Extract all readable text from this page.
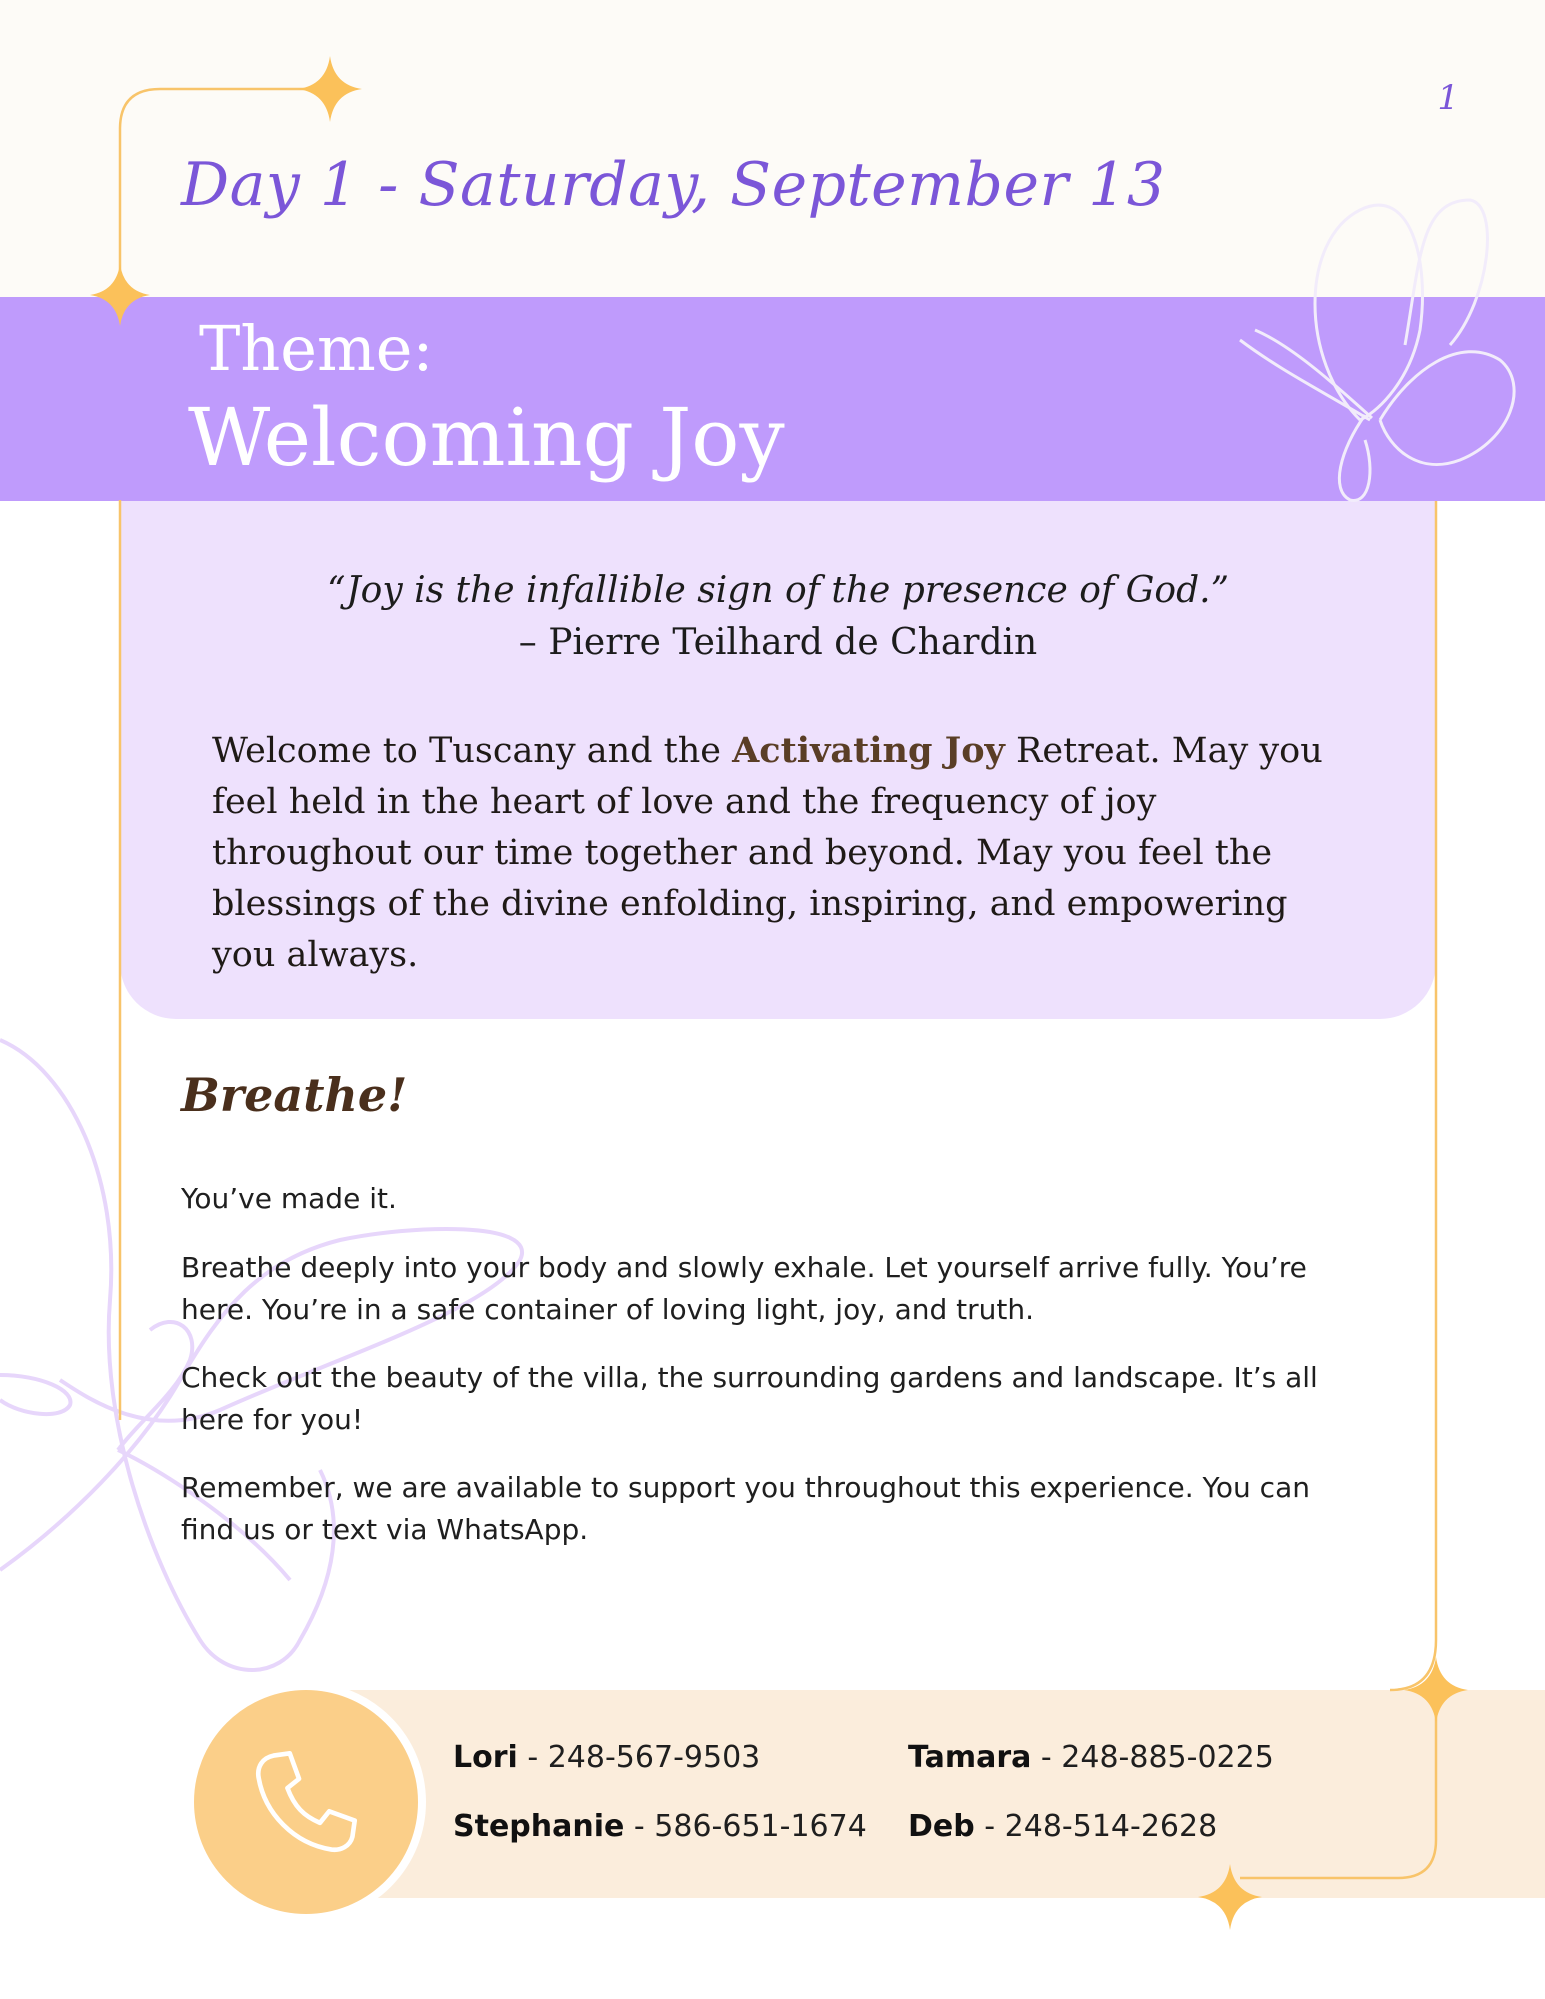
1
Day 1 - Saturday, September 13
Theme:
Welcoming Joy
“Joy is the infallible sign of the presence of God.”
– Pierre Teilhard de Chardin
Welcome to Tuscany and the Activating Joy Retreat. May you feel held in the heart of love and the frequency of joy throughout our time together and beyond. May you feel the blessings of the divine enfolding, inspiring, and empowering you always.
Breathe!

You’ve made it.

Breathe deeply into your body and slowly exhale. Let yourself arrive fully. You’re here. You’re in a safe container of loving light, joy, and truth.

Check out the beauty of the villa, the surrounding gardens and landscape. It’s all here for you!

Remember, we are available to support you throughout this experience. You can find us or text via WhatsApp.

Lori - 248-567-9503	Tamara - 248-885-0225
Stephanie - 586-651-1674 Deb - 248-514-2628
